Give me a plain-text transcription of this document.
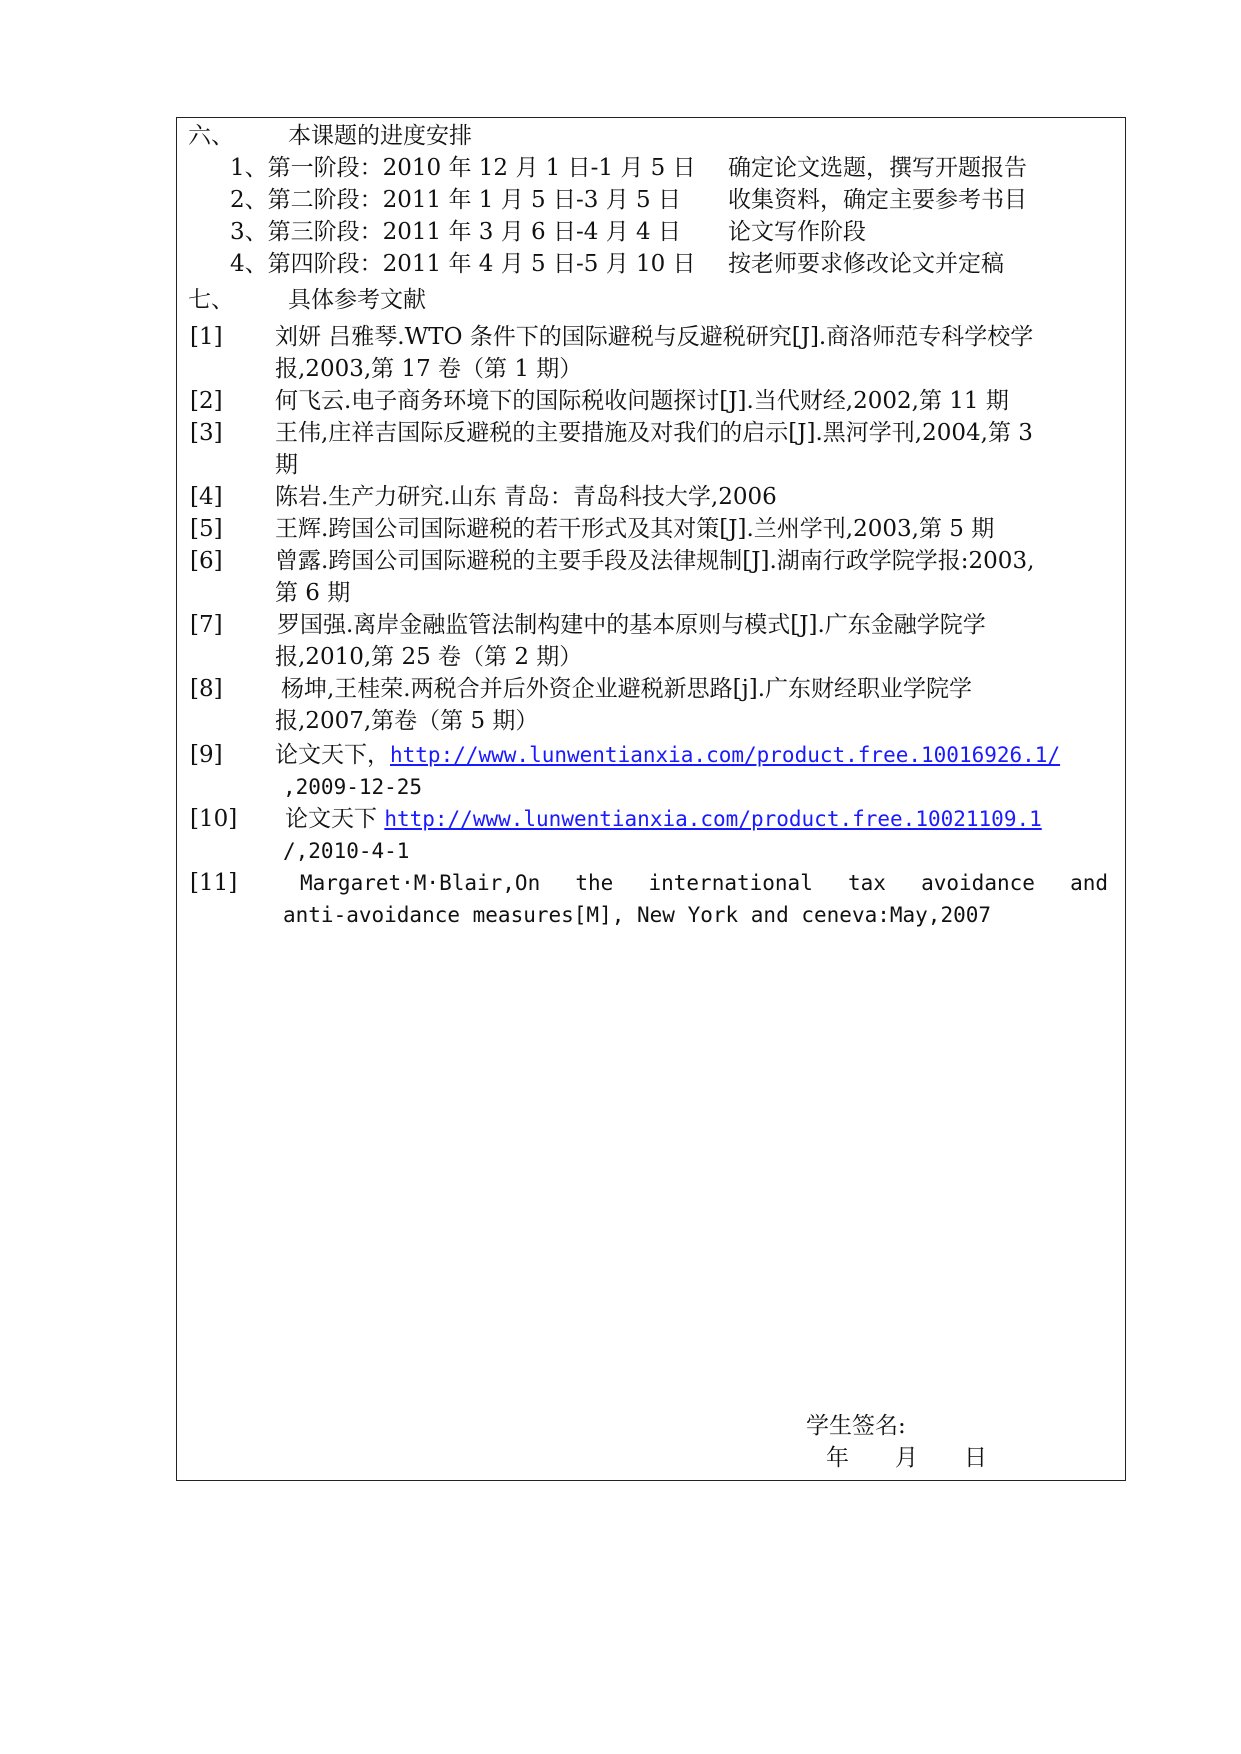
六、 本课题的进度安排
1、第一阶段：2010 年 12 月 1 日-1 月 5 日 确定论文选题，撰写开题报告
2、第二阶段：2011 年 1 月 5 日-3 月 5 日 收集资料，确定主要参考书目
3、第三阶段：2011 年 3 月 6 日-4 月 4 日 论文写作阶段
4、第四阶段：2011 年 4 月 5 日-5 月 10 日 按老师要求修改论文并定稿
七、 具体参考文献
[1] 刘妍 吕雅琴.WTO 条件下的国际避税与反避税研究[J].商洛师范专科学校学
报,2003,第 17 卷（第 1 期）
[2] 何飞云.电子商务环境下的国际税收问题探讨[J].当代财经,2002,第 11 期
[3] 王伟,庄祥吉国际反避税的主要措施及对我们的启示[J].黑河学刊,2004,第 3
期
[4] 陈岩.生产力研究.山东 青岛：青岛科技大学,2006
[5] 王辉.跨国公司国际避税的若干形式及其对策[J].兰州学刊,2003,第 5 期
[6] 曾露.跨国公司国际避税的主要手段及法律规制[J].湖南行政学院学报:2003,
第 6 期
[7] 罗国强.离岸金融监管法制构建中的基本原则与模式[J].广东金融学院学
报,2010,第 25 卷（第 2 期）
[8]	杨坤,王桂荣.两税合并后外资企业避税新思路[j].广东财经职业学院学
报,2007,第卷（第 5 期）
[9] 论文天下，http://www.lunwentianxia.com/product.free.10016926.1/
,2009-12-25
[10] 论文天下 http://www.lunwentianxia.com/product.free.10021109.1
/,2010-4-1
[11]	Margaret·M·Blair,On the international tax avoidance and
anti-avoidance measures[M], New York and ceneva:May,2007
学生签名:
年　　月　　日
